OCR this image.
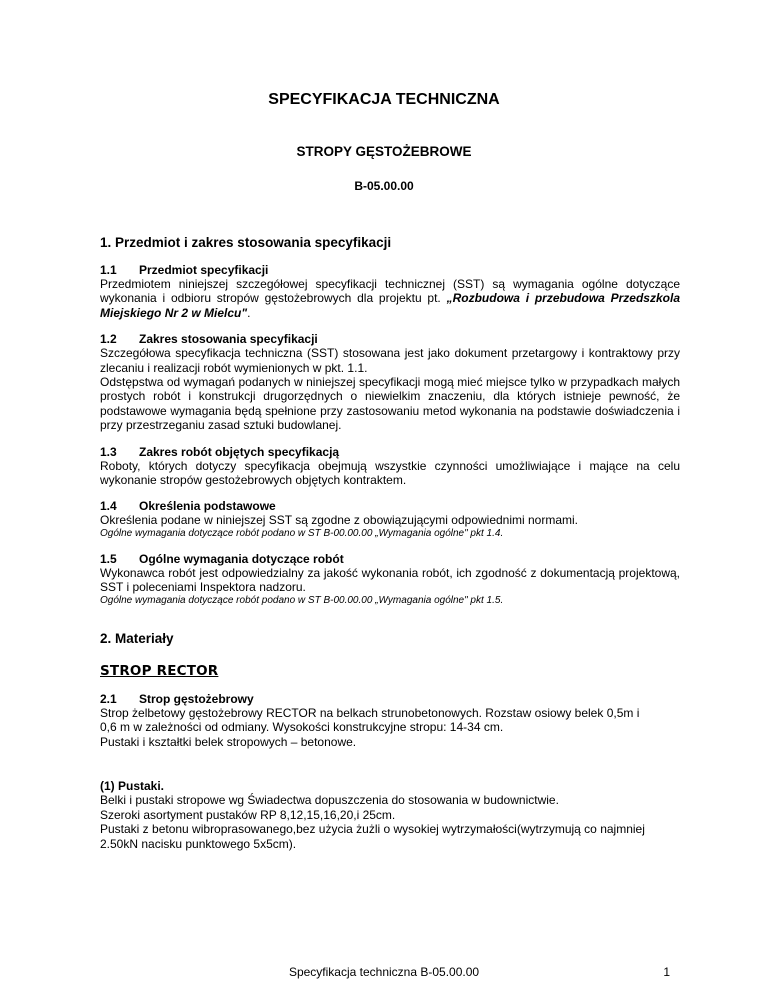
SPECYFIKACJA TECHNICZNA
STROPY GĘSTOŻEBROWE
B-05.00.00

1. Przedmiot i zakres stosowania specyfikacji

1.1	Przedmiot specyfikacji

Przedmiotem niniejszej szczegółowej specyfikacji technicznej (SST) są wymagania ogólne dotyczące wykonania i odbioru stropów gęstożebrowych dla projektu pt. „Rozbudowa i przebudowa Przedszkola Miejskiego Nr 2 w Mielcu".

1.2	Zakres stosowania specyfikacji

Szczegółowa specyfikacja techniczna (SST) stosowana jest jako dokument przetargowy i kontraktowy przy zlecaniu i realizacji robót wymienionych w pkt. 1.1.

Odstępstwa od wymagań podanych w niniejszej specyfikacji mogą mieć miejsce tylko w przypadkach małych prostych robót i konstrukcji drugorzędnych o niewielkim znaczeniu, dla których istnieje pewność, że podstawowe wymagania będą spełnione przy zastosowaniu metod wykonania na podstawie doświadczenia i przy przestrzeganiu zasad sztuki budowlanej.

1.3	Zakres robót objętych specyfikacją

Roboty, których dotyczy specyfikacja obejmują wszystkie czynności umożliwiające i mające na celu wykonanie stropów gestożebrowych objętych kontraktem.

1.4	Określenia podstawowe

Określenia podane w niniejszej SST są zgodne z obowiązującymi odpowiednimi normami.

Ogólne wymagania dotyczące robót podano w ST B-00.00.00 „Wymagania ogólne" pkt 1.4.

1.5	Ogólne wymagania dotyczące robót

Wykonawca robót jest odpowiedzialny za jakość wykonania robót, ich zgodność z dokumentacją projektową, SST i poleceniami Inspektora nadzoru.

Ogólne wymagania dotyczące robót podano w ST B-00.00.00 „Wymagania ogólne" pkt 1.5.

2. Materiały

STROP RECTOR

2.1	Strop gęstożebrowy

Strop żelbetowy gęstożebrowy RECTOR na belkach strunobetonowych. Rozstaw osiowy belek 0,5m i

0,6 m w zależności od odmiany. Wysokości konstrukcyjne stropu: 14-34 cm.

Pustaki i kształtki belek stropowych – betonowe.

(1) Pustaki.

Belki i pustaki stropowe wg Świadectwa dopuszczenia do stosowania w budownictwie.

Szeroki asortyment pustaków RP 8,12,15,16,20,i 25cm.

Pustaki z betonu wibroprasowanego,bez użycia żużli o wysokiej wytrzymałości(wytrzymują co najmniej 2.50kN nacisku punktowego 5x5cm).

Specyfikacja techniczna B-05.00.00	1
